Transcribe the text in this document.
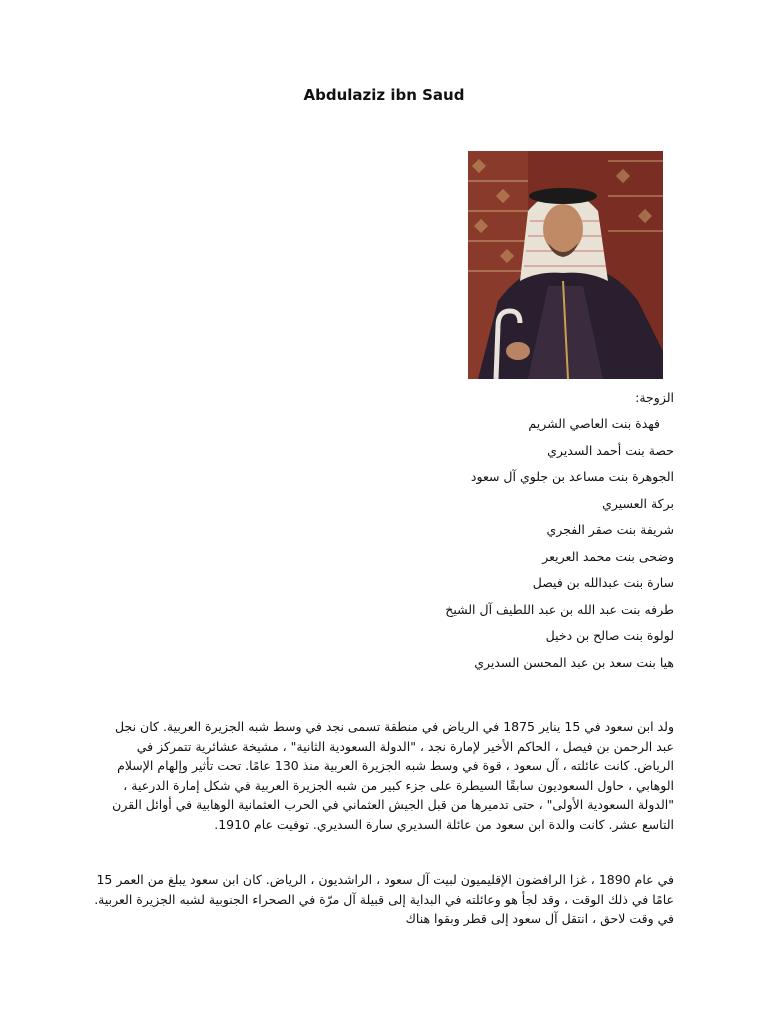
Abdulaziz ibn Saud
الزوجة:
فهدة بنت العاصي الشريم
حصة بنت أحمد السديري
الجوهرة بنت مساعد بن جلوي آل سعود
بركة العسيري
شريفة بنت صقر الفجري
وضحى بنت محمد العريعر
سارة بنت عبدالله بن فيصل
طرفه بنت عبد الله بن عبد اللطيف آل الشيخ
لولوة بنت صالح بن دخيل
هيا بنت سعد بن عبد المحسن السديري

ولد ابن سعود في 15 يناير 1875 في الرياض في منطقة تسمى نجد في وسط شبه الجزيرة العربية. كان نجل عبد الرحمن بن فيصل ، الحاكم الأخير لإمارة نجد ، "الدولة السعودية الثانية" ، مشيخة عشائرية تتمركز في الرياض. كانت عائلته ، آل سعود ، قوة في وسط شبه الجزيرة العربية منذ 130 عامًا. تحت تأثير وإلهام الإسلام الوهابي ، حاول السعوديون سابقًا السيطرة على جزء كبير من شبه الجزيرة العربية في شكل إمارة الدرعية ، "الدولة السعودية الأولى" ، حتى تدميرها من قبل الجيش العثماني في الحرب العثمانية الوهابية في أوائل القرن التاسع عشر. كانت والدة ابن سعود من عائلة السديري سارة السديري. توفيت عام 1910.

في عام 1890 ، غزا الرافضون الإقليميون لبيت آل سعود ، الراشديون ، الرياض. كان ابن سعود يبلغ من العمر 15 عامًا في ذلك الوقت ، وقد لجأ هو وعائلته في البداية إلى قبيلة آل مرّة في الصحراء الجنوبية لشبه الجزيرة العربية. في وقت لاحق ، انتقل آل سعود إلى قطر وبقوا هناك
